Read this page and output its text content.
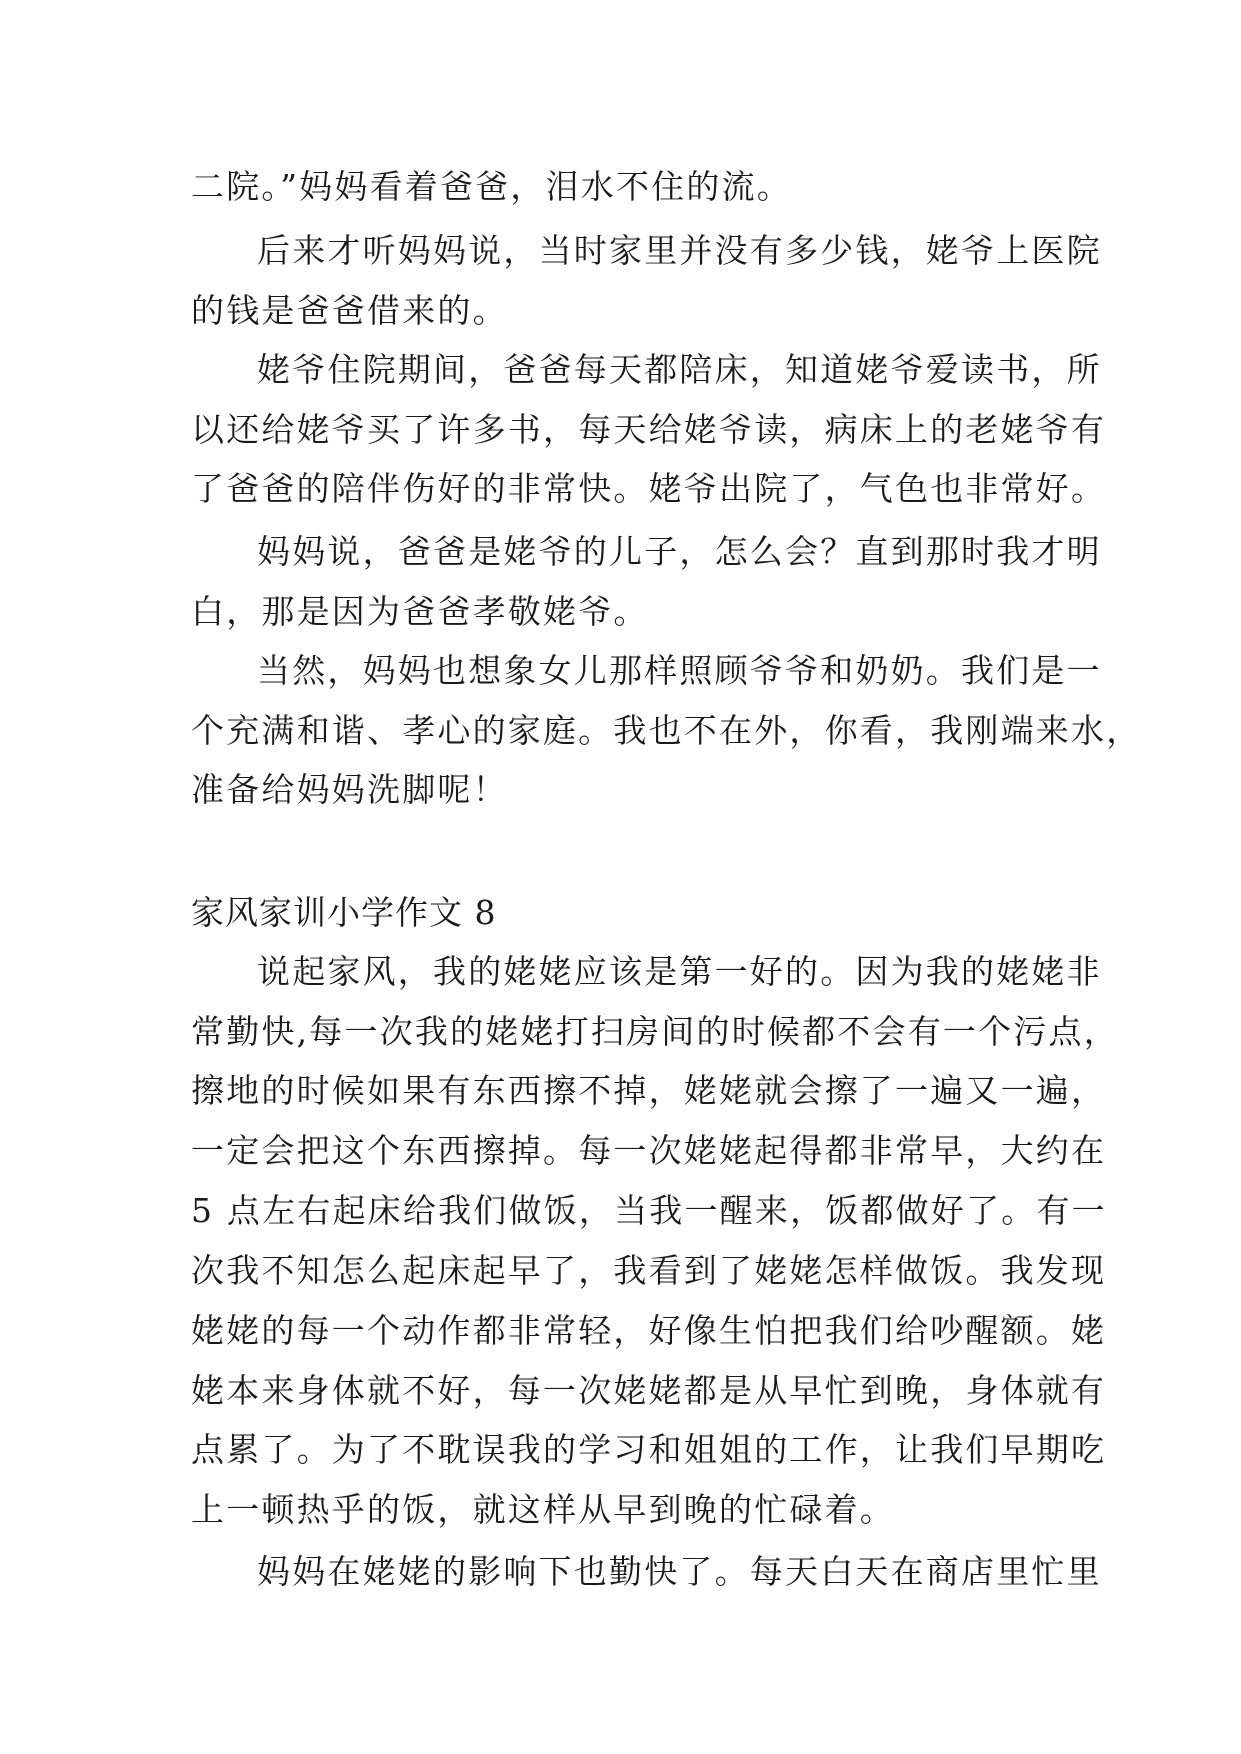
二院。”妈妈看着爸爸，泪水不住的流。
后来才听妈妈说，当时家里并没有多少钱，姥爷上医院
的钱是爸爸借来的。
姥爷住院期间，爸爸每天都陪床，知道姥爷爱读书，所
以还给姥爷买了许多书，每天给姥爷读，病床上的老姥爷有
了爸爸的陪伴伤好的非常快。姥爷出院了，气色也非常好。
妈妈说，爸爸是姥爷的儿子，怎么会？直到那时我才明
白，那是因为爸爸孝敬姥爷。
当然，妈妈也想象女儿那样照顾爷爷和奶奶。我们是一
个充满和谐、孝心的家庭。我也不在外，你看，我刚端来水，
准备给妈妈洗脚呢！
家风家训小学作文 8
说起家风，我的姥姥应该是第一好的。因为我的姥姥非
常勤快,每一次我的姥姥打扫房间的时候都不会有一个污点，
擦地的时候如果有东西擦不掉，姥姥就会擦了一遍又一遍，
一定会把这个东西擦掉。每一次姥姥起得都非常早，大约在
5 点左右起床给我们做饭，当我一醒来，饭都做好了。有一
次我不知怎么起床起早了，我看到了姥姥怎样做饭。我发现
姥姥的每一个动作都非常轻，好像生怕把我们给吵醒额。姥
姥本来身体就不好，每一次姥姥都是从早忙到晚，身体就有
点累了。为了不耽误我的学习和姐姐的工作，让我们早期吃
上一顿热乎的饭，就这样从早到晚的忙碌着。
妈妈在姥姥的影响下也勤快了。每天白天在商店里忙里
